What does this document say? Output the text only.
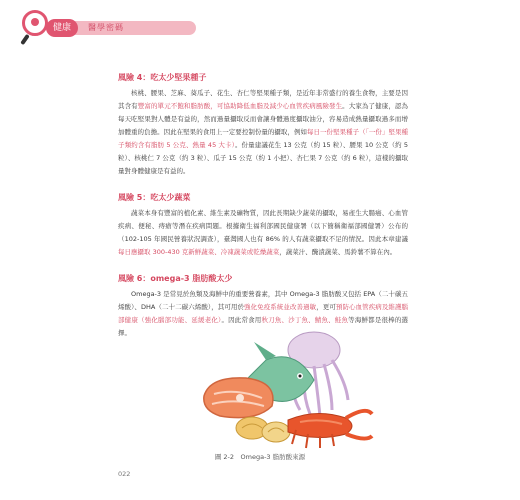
健康	醫學密碼
風險 4：吃太少堅果種子

核桃、腰果、芝麻、葵瓜子、花生、杏仁等堅果種子類，是近年非常盛行的養生食物，主要是因其含有豐富的單元不飽和脂肪酸，可協助降低血脂及減少心血管疾病風險發生。大家為了健康，認為每天吃堅果對人體是有益的，然而過量攝取反而會讓身體過度攝取油分，容易造成熱量攝取過多而增加體重的負擔。因此在堅果的食用上一定要控制份量的攝取，例如每日一份堅果種子（「一份」堅果種子類約含有脂肪 5 公克、熱量 45 大卡）。份量建議花生 13 公克（約 15 粒）、腰果 10 公克（約 5 粒）、核桃仁 7 公克（約 3 粒）、瓜子 15 公克（約 1 小把）、杏仁果 7 公克（約 6 粒），這樣的攝取量對身體健康是有益的。

風險 5：吃太少蔬菜

蔬菜本身有豐富的植化素、維生素及礦物質，因此長期缺少蔬菜的攝取，易產生大腸癌、心血管疾病、便秘、痔瘡等潛在疾病問題。根據衛生福利部國民健康署（以下簡稱衛福部國健署）公布的（102-105 年國民營養狀況調查），臺灣國人也有 86% 的人有蔬菜攝取不足的情況。因此本章建議每日應攝取 300-430 克新鮮蔬菜、冷凍蔬菜或乾燥蔬菜，蔬菜汁、醃漬蔬菜、馬鈴薯不算在內。

風險 6：omega-3 脂肪酸太少

Omega-3 是常見於魚類及海鮮中的重要營養素，其中 Omega-3 脂肪酸又包括 EPA（二十碳五烯酸）、DHA（二十二碳六烯酸），其可用於強化免疫系統並改善過敏，更可預防心血管疾病及維護腦部健康（強化腦部功能、延緩老化）。因此常食用秋刀魚、沙丁魚、鯖魚、鮭魚等海鮮都是很棒的選擇。

圖 2-2　Omega-3 脂肪酸來源
022
